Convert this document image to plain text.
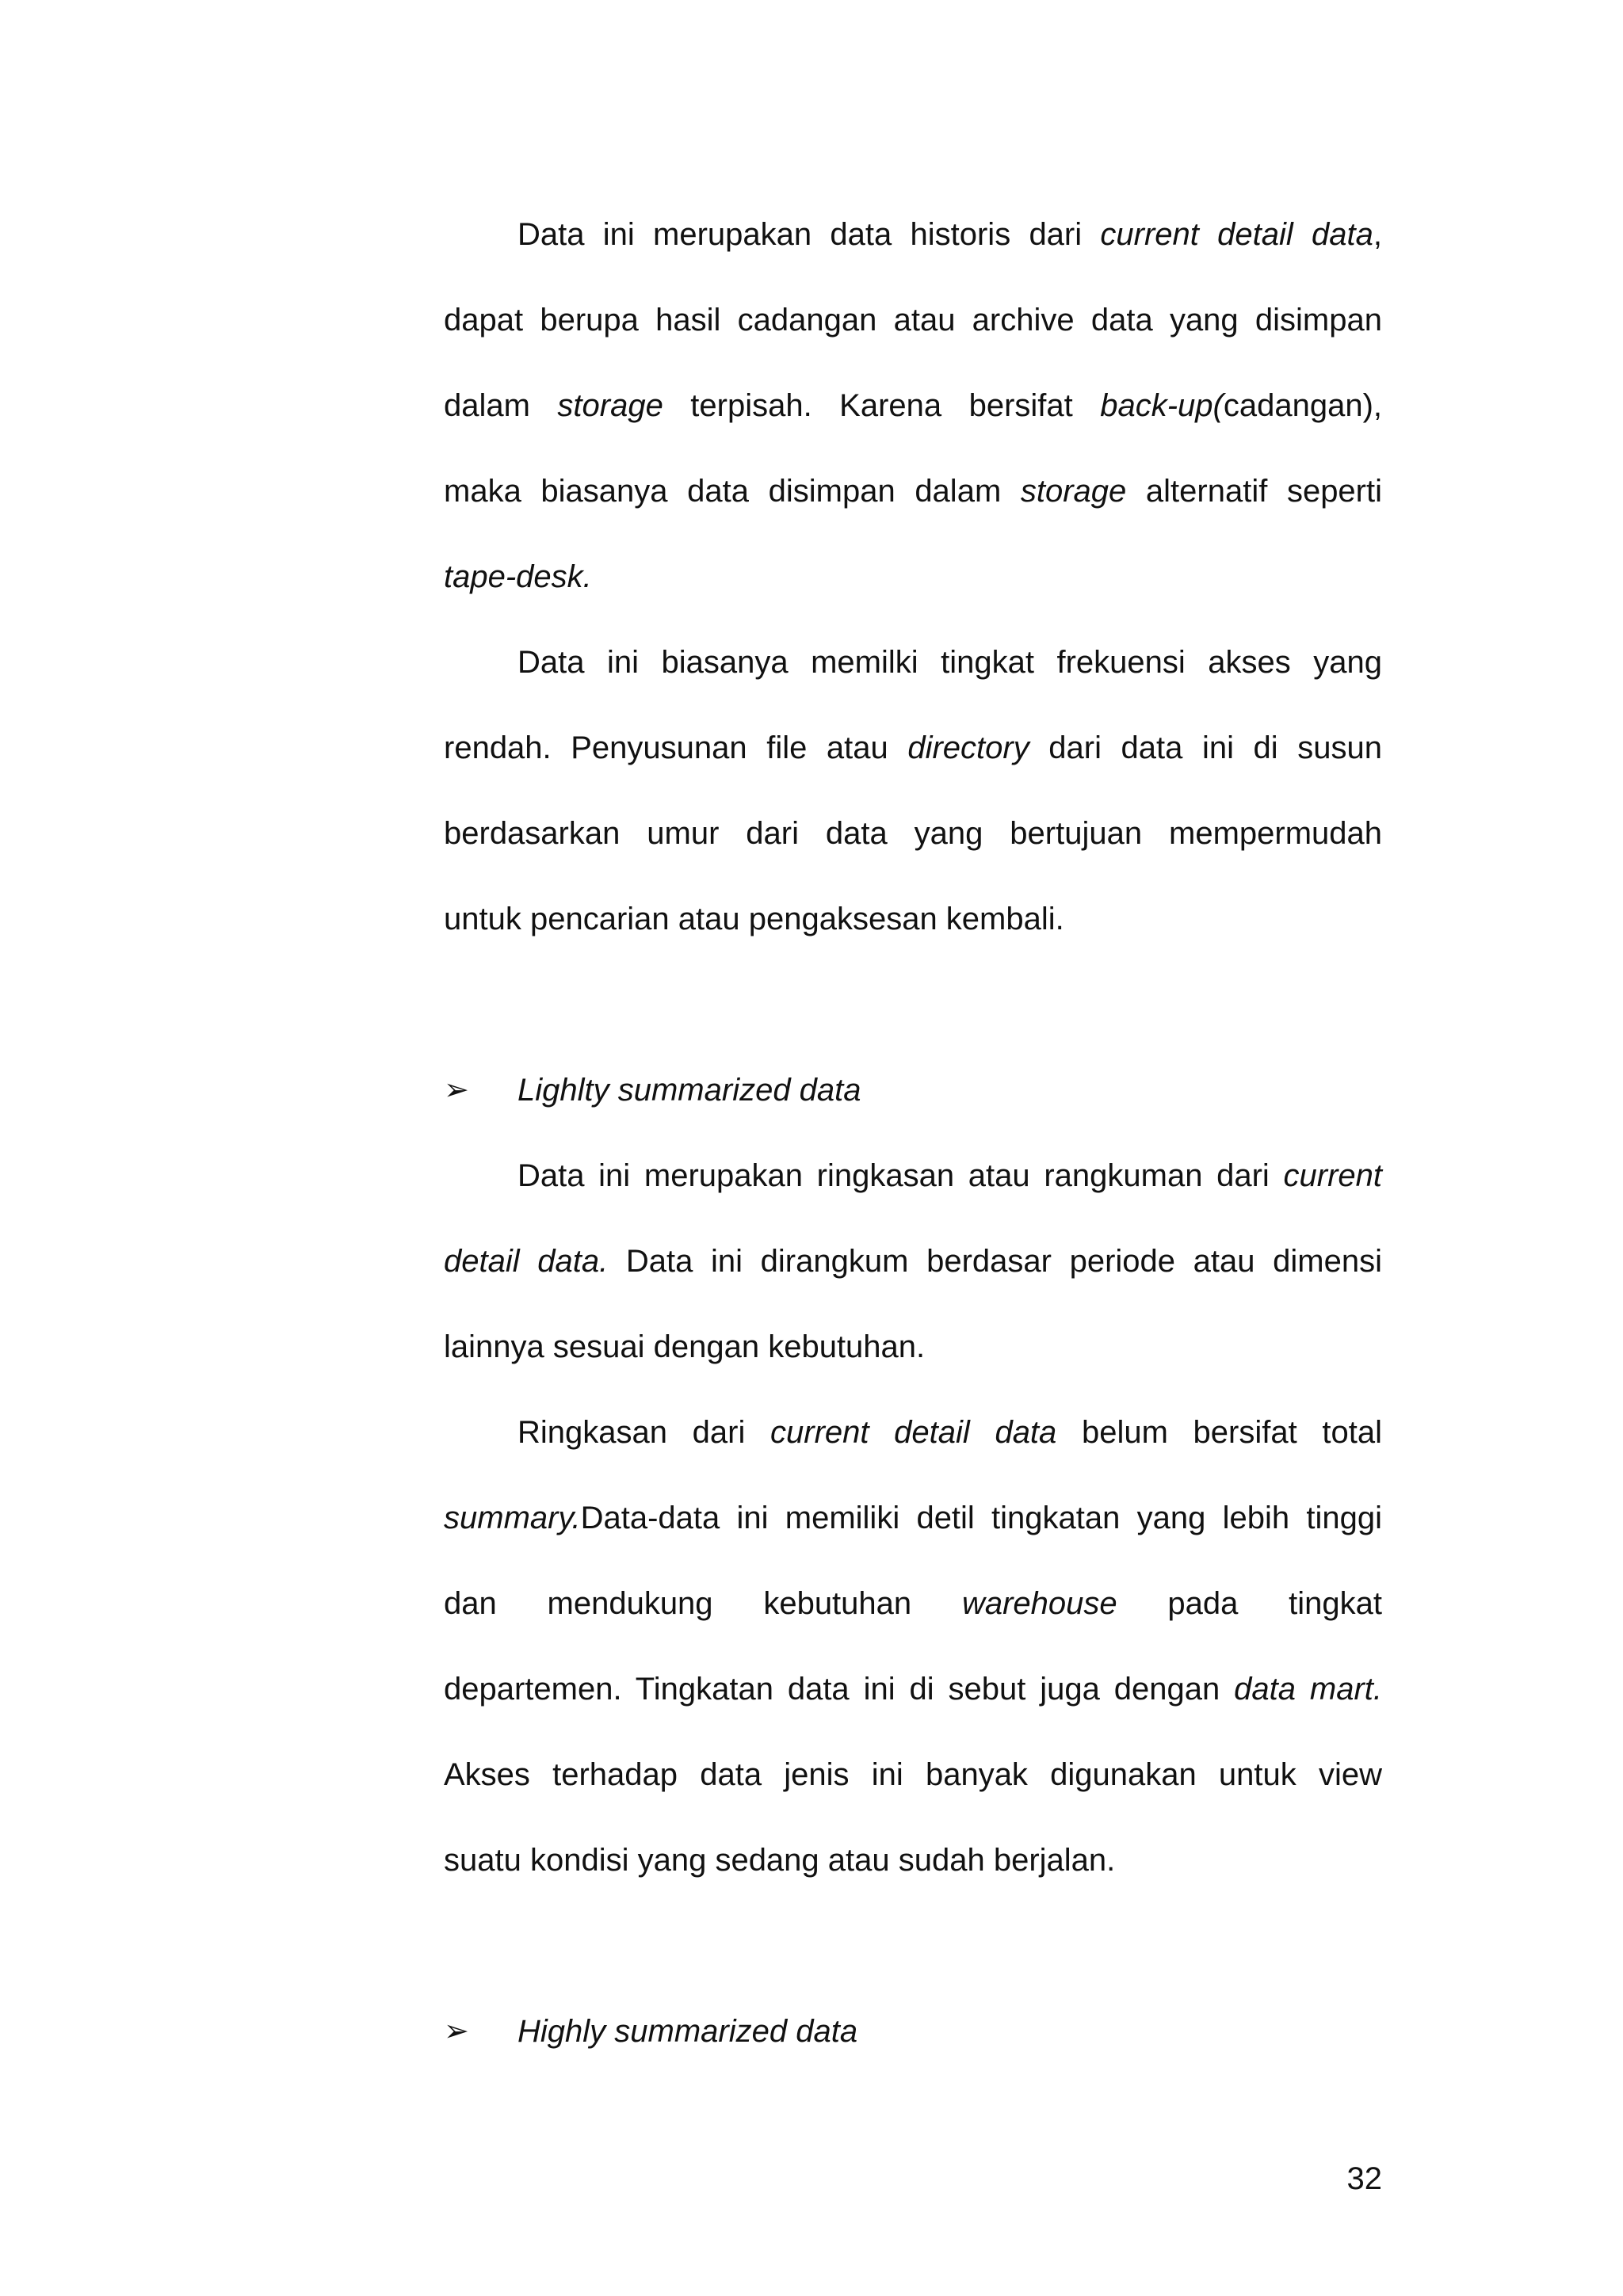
Data ini merupakan data historis dari current detail data,
dapat berupa hasil cadangan atau archive data yang disimpan
dalam storage terpisah. Karena bersifat back-up(cadangan),
maka biasanya data disimpan dalam storage alternatif seperti
tape-desk.
Data ini biasanya memilki tingkat frekuensi akses yang
rendah. Penyusunan file atau directory dari data ini di susun
berdasarkan umur dari data yang bertujuan mempermudah
untuk pencarian atau pengaksesan kembali.
➢	Lighlty summarized data
Data ini merupakan ringkasan atau rangkuman dari current
detail data. Data ini dirangkum berdasar periode atau dimensi
lainnya sesuai dengan kebutuhan.
Ringkasan dari current detail data belum bersifat total
summary.Data-data ini memiliki detil tingkatan yang lebih tinggi
dan mendukung kebutuhan warehouse pada tingkat
departemen. Tingkatan data ini di sebut juga dengan data mart.
Akses terhadap data jenis ini banyak digunakan untuk view
suatu kondisi yang sedang atau sudah berjalan.
➢	Highly summarized data
32
